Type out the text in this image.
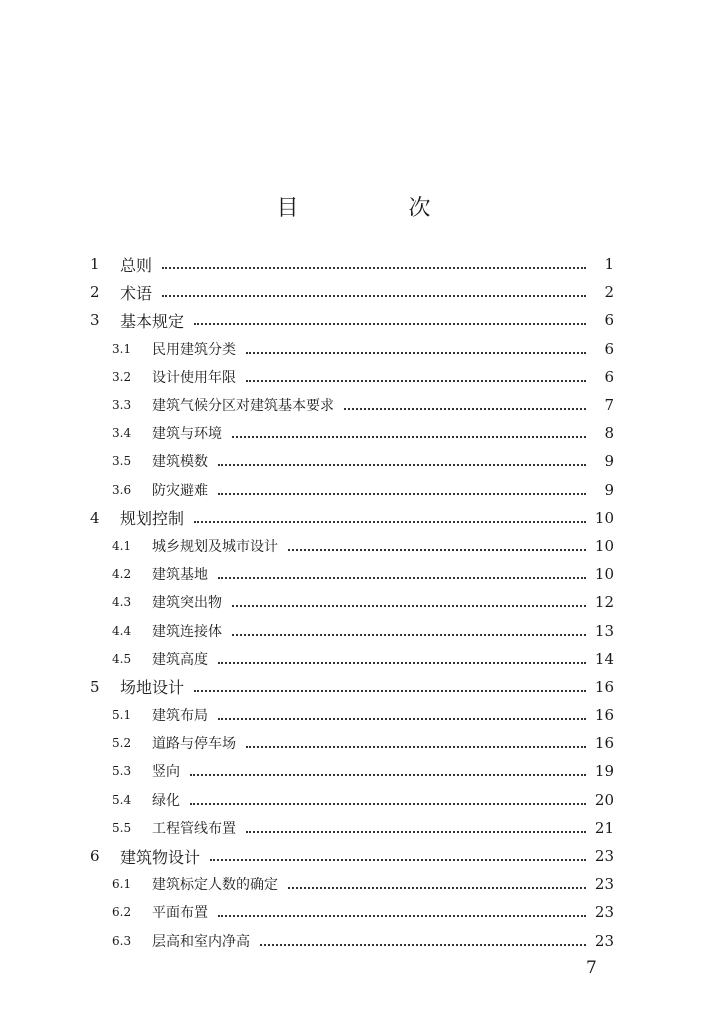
目　次
1	总则	1
2	术语	2
3	基本规定	6
3.1	民用建筑分类	6
3.2	设计使用年限	6
3.3	建筑气候分区对建筑基本要求	7
3.4	建筑与环境	8
3.5	建筑模数	9
3.6	防灾避难	9
4	规划控制	10
4.1	城乡规划及城市设计	10
4.2	建筑基地	10
4.3	建筑突出物	12
4.4	建筑连接体	13
4.5	建筑高度	14
5	场地设计	16
5.1	建筑布局	16
5.2	道路与停车场	16
5.3	竖向	19
5.4	绿化	20
5.5	工程管线布置	21
6	建筑物设计	23
6.1	建筑标定人数的确定	23
6.2	平面布置	23
6.3	层高和室内净高	23
7
